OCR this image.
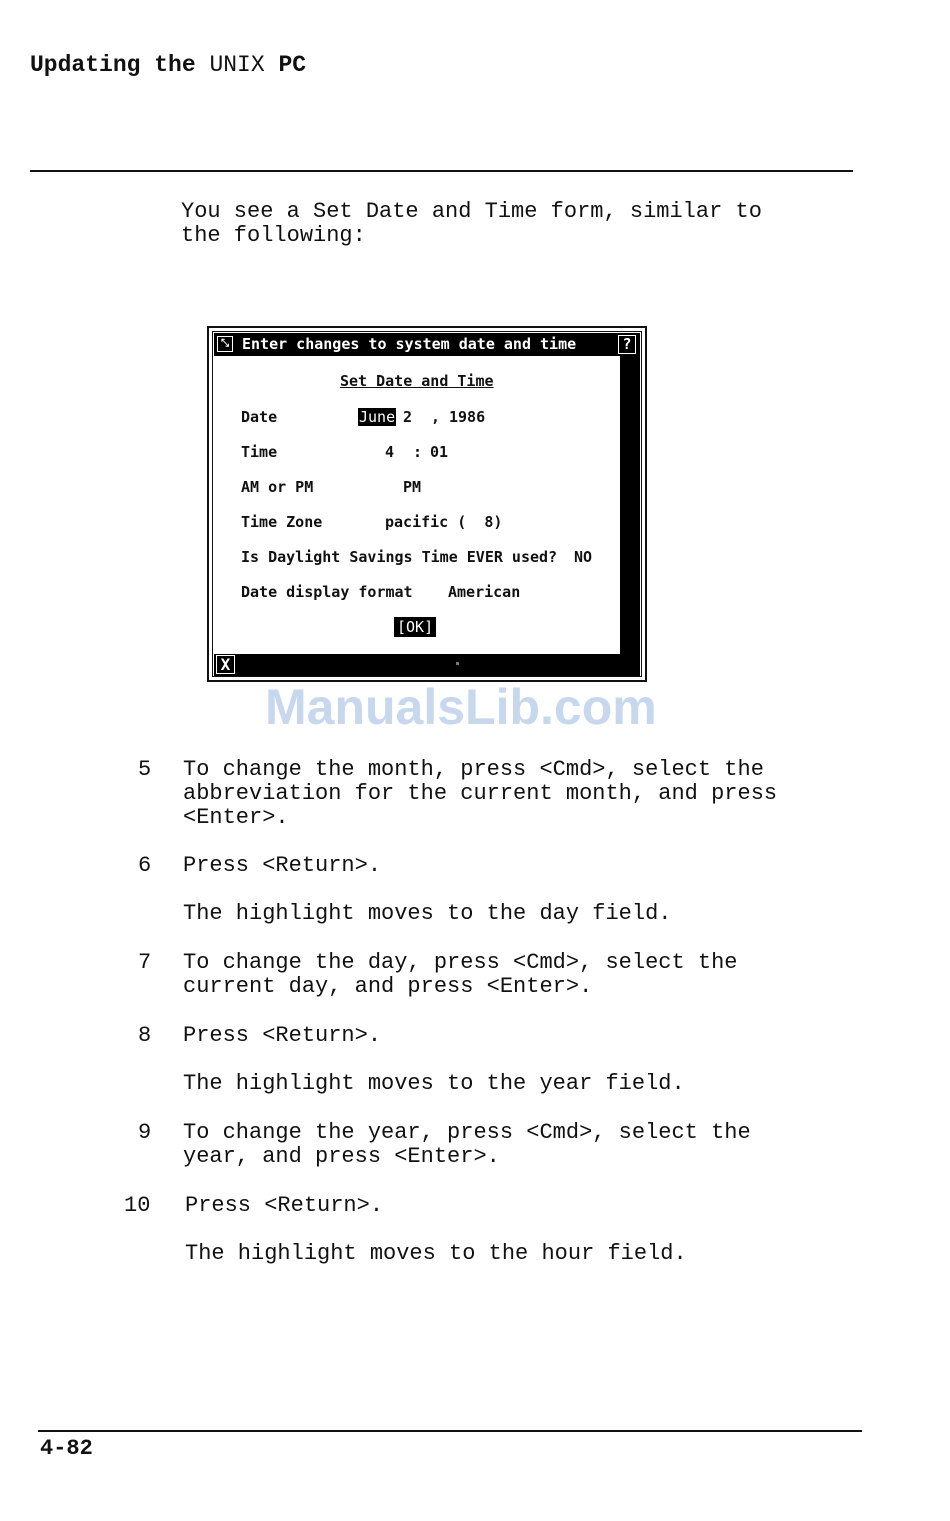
Updating the UNIX PC
You see a Set Date and Time form, similar to
the following:
⤡ Enter changes to system date and time	?
X
Set Date and Time
Date	June 2 , 1986
Time	4 : 01
AM or PM	PM
Time Zone	pacific (  8)
Is Daylight Savings Time EVER used? NO
Date display format American
[OK]
ManualsLib.com
5 To change the month, press <Cmd>, select the
abbreviation for the current month, and press
<Enter>.
6 Press <Return>.
The highlight moves to the day field.
7 To change the day, press <Cmd>, select the
current day, and press <Enter>.
8 Press <Return>.
The highlight moves to the year field.
9 To change the year, press <Cmd>, select the
year, and press <Enter>.
10 Press <Return>.
The highlight moves to the hour field.
4-82
